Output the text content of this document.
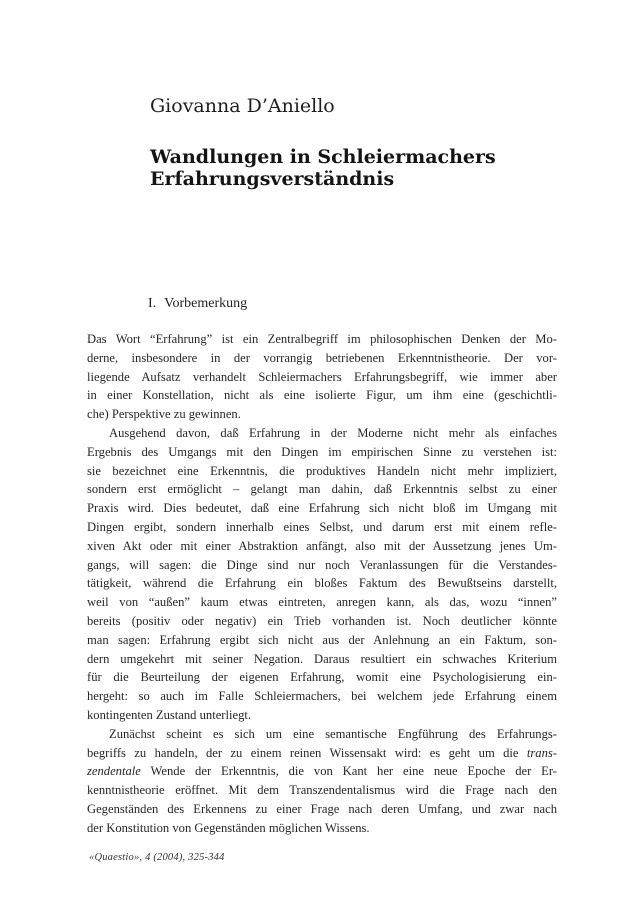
Giovanna D’Aniello
Wandlungen in Schleiermachers
Erfahrungsverständnis
I. Vorbemerkung
Das Wort “Erfahrung” ist ein Zentralbegriff im philosophischen Denken der Mo-
derne, insbesondere in der vorrangig betriebenen Erkenntnistheorie. Der vor-
liegende Aufsatz verhandelt Schleiermachers Erfahrungsbegriff, wie immer aber
in einer Konstellation, nicht als eine isolierte Figur, um ihm eine (geschichtli-
che) Perspektive zu gewinnen.
Ausgehend davon, daß Erfahrung in der Moderne nicht mehr als einfaches
Ergebnis des Umgangs mit den Dingen im empirischen Sinne zu verstehen ist:
sie bezeichnet eine Erkenntnis, die produktives Handeln nicht mehr impliziert,
sondern erst ermöglicht – gelangt man dahin, daß Erkenntnis selbst zu einer
Praxis wird. Dies bedeutet, daß eine Erfahrung sich nicht bloß im Umgang mit
Dingen ergibt, sondern innerhalb eines Selbst, und darum erst mit einem refle-
xiven Akt oder mit einer Abstraktion anfängt, also mit der Aussetzung jenes Um-
gangs, will sagen: die Dinge sind nur noch Veranlassungen für die Verstandes-
tätigkeit, während die Erfahrung ein bloßes Faktum des Bewußtseins darstellt,
weil von “außen” kaum etwas eintreten, anregen kann, als das, wozu “innen”
bereits (positiv oder negativ) ein Trieb vorhanden ist. Noch deutlicher könnte
man sagen: Erfahrung ergibt sich nicht aus der Anlehnung an ein Faktum, son-
dern umgekehrt mit seiner Negation. Daraus resultiert ein schwaches Kriterium
für die Beurteilung der eigenen Erfahrung, womit eine Psychologisierung ein-
hergeht: so auch im Falle Schleiermachers, bei welchem jede Erfahrung einem
kontingenten Zustand unterliegt.
Zunächst scheint es sich um eine semantische Engführung des Erfahrungs-
begriffs zu handeln, der zu einem reinen Wissensakt wird: es geht um die trans-
zendentale Wende der Erkenntnis, die von Kant her eine neue Epoche der Er-
kenntnistheorie eröffnet. Mit dem Transzendentalismus wird die Frage nach den
Gegenständen des Erkennens zu einer Frage nach deren Umfang, und zwar nach
der Konstitution von Gegenständen möglichen Wissens.
«Quaestio», 4 (2004), 325-344
